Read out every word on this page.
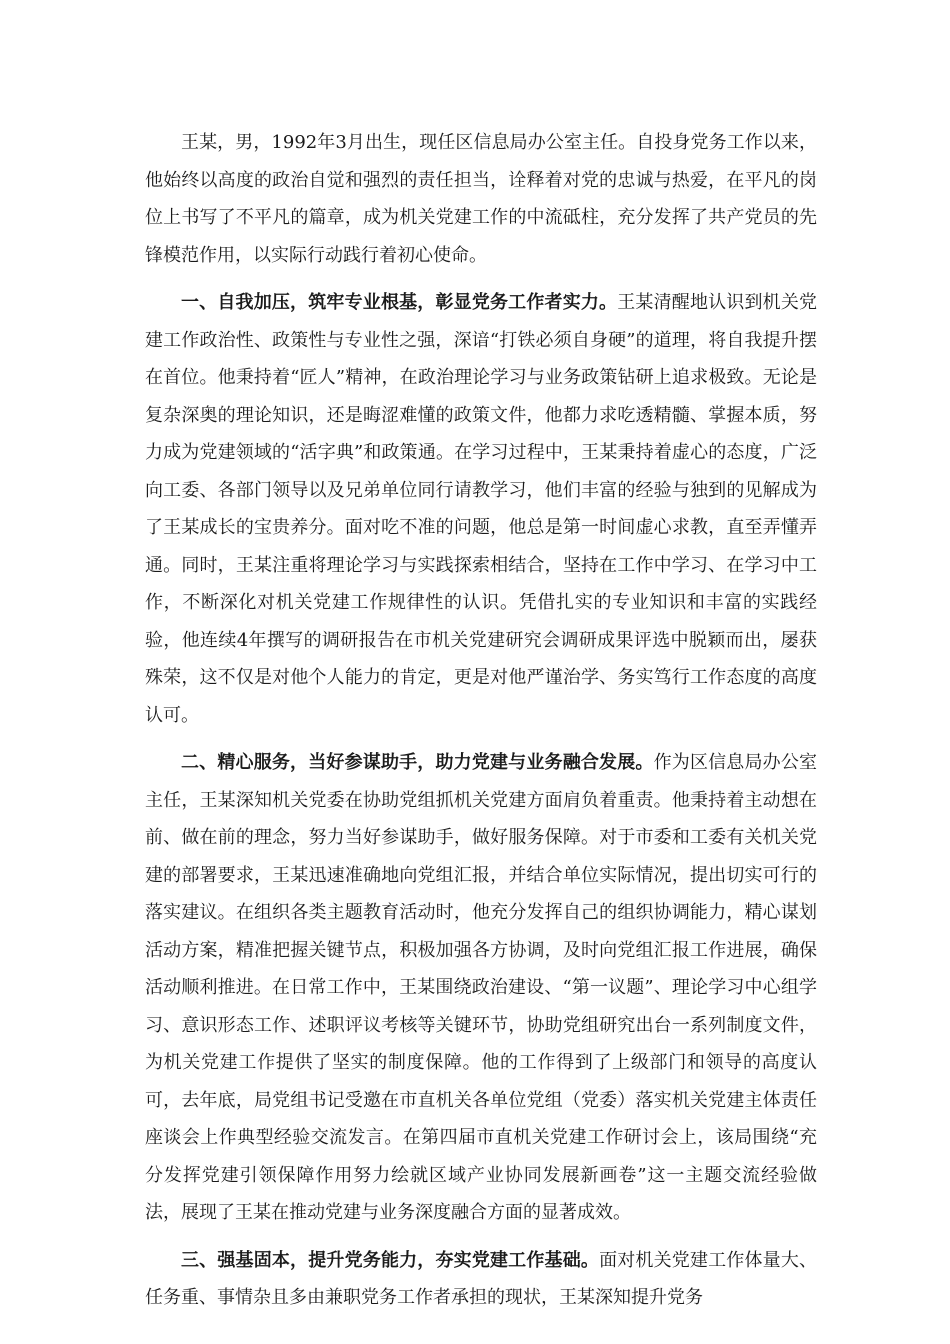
王某，男，1992年3月出生，现任区信息局办公室主任。自投身党务工作以来，他始终以高度的政治自觉和强烈的责任担当，诠释着对党的忠诚与热爱，在平凡的岗位上书写了不平凡的篇章，成为机关党建工作的中流砥柱，充分发挥了共产党员的先锋模范作用，以实际行动践行着初心使命。

一、自我加压，筑牢专业根基，彰显党务工作者实力。王某清醒地认识到机关党建工作政治性、政策性与专业性之强，深谙“打铁必须自身硬”的道理，将自我提升摆在首位。他秉持着“匠人”精神，在政治理论学习与业务政策钻研上追求极致。无论是复杂深奥的理论知识，还是晦涩难懂的政策文件，他都力求吃透精髓、掌握本质，努力成为党建领域的“活字典”和政策通。在学习过程中，王某秉持着虚心的态度，广泛向工委、各部门领导以及兄弟单位同行请教学习，他们丰富的经验与独到的见解成为了王某成长的宝贵养分。面对吃不准的问题，他总是第一时间虚心求教，直至弄懂弄通。同时，王某注重将理论学习与实践探索相结合，坚持在工作中学习、在学习中工作，不断深化对机关党建工作规律性的认识。凭借扎实的专业知识和丰富的实践经验，他连续4年撰写的调研报告在市机关党建研究会调研成果评选中脱颖而出，屡获殊荣，这不仅是对他个人能力的肯定，更是对他严谨治学、务实笃行工作态度的高度认可。

二、精心服务，当好参谋助手，助力党建与业务融合发展。作为区信息局办公室主任，王某深知机关党委在协助党组抓机关党建方面肩负着重责。他秉持着主动想在前、做在前的理念，努力当好参谋助手，做好服务保障。对于市委和工委有关机关党建的部署要求，王某迅速准确地向党组汇报，并结合单位实际情况，提出切实可行的落实建议。在组织各类主题教育活动时，他充分发挥自己的组织协调能力，精心谋划活动方案，精准把握关键节点，积极加强各方协调，及时向党组汇报工作进展，确保活动顺利推进。在日常工作中，王某围绕政治建设、“第一议题”、理论学习中心组学习、意识形态工作、述职评议考核等关键环节，协助党组研究出台一系列制度文件，为机关党建工作提供了坚实的制度保障。他的工作得到了上级部门和领导的高度认可，去年底，局党组书记受邀在市直机关各单位党组（党委）落实机关党建主体责任座谈会上作典型经验交流发言。在第四届市直机关党建工作研讨会上，该局围绕“充分发挥党建引领保障作用努力绘就区域产业协同发展新画卷”这一主题交流经验做法，展现了王某在推动党建与业务深度融合方面的显著成效。

三、强基固本，提升党务能力，夯实党建工作基础。面对机关党建工作体量大、任务重、事情杂且多由兼职党务工作者承担的现状，王某深知提升党务
